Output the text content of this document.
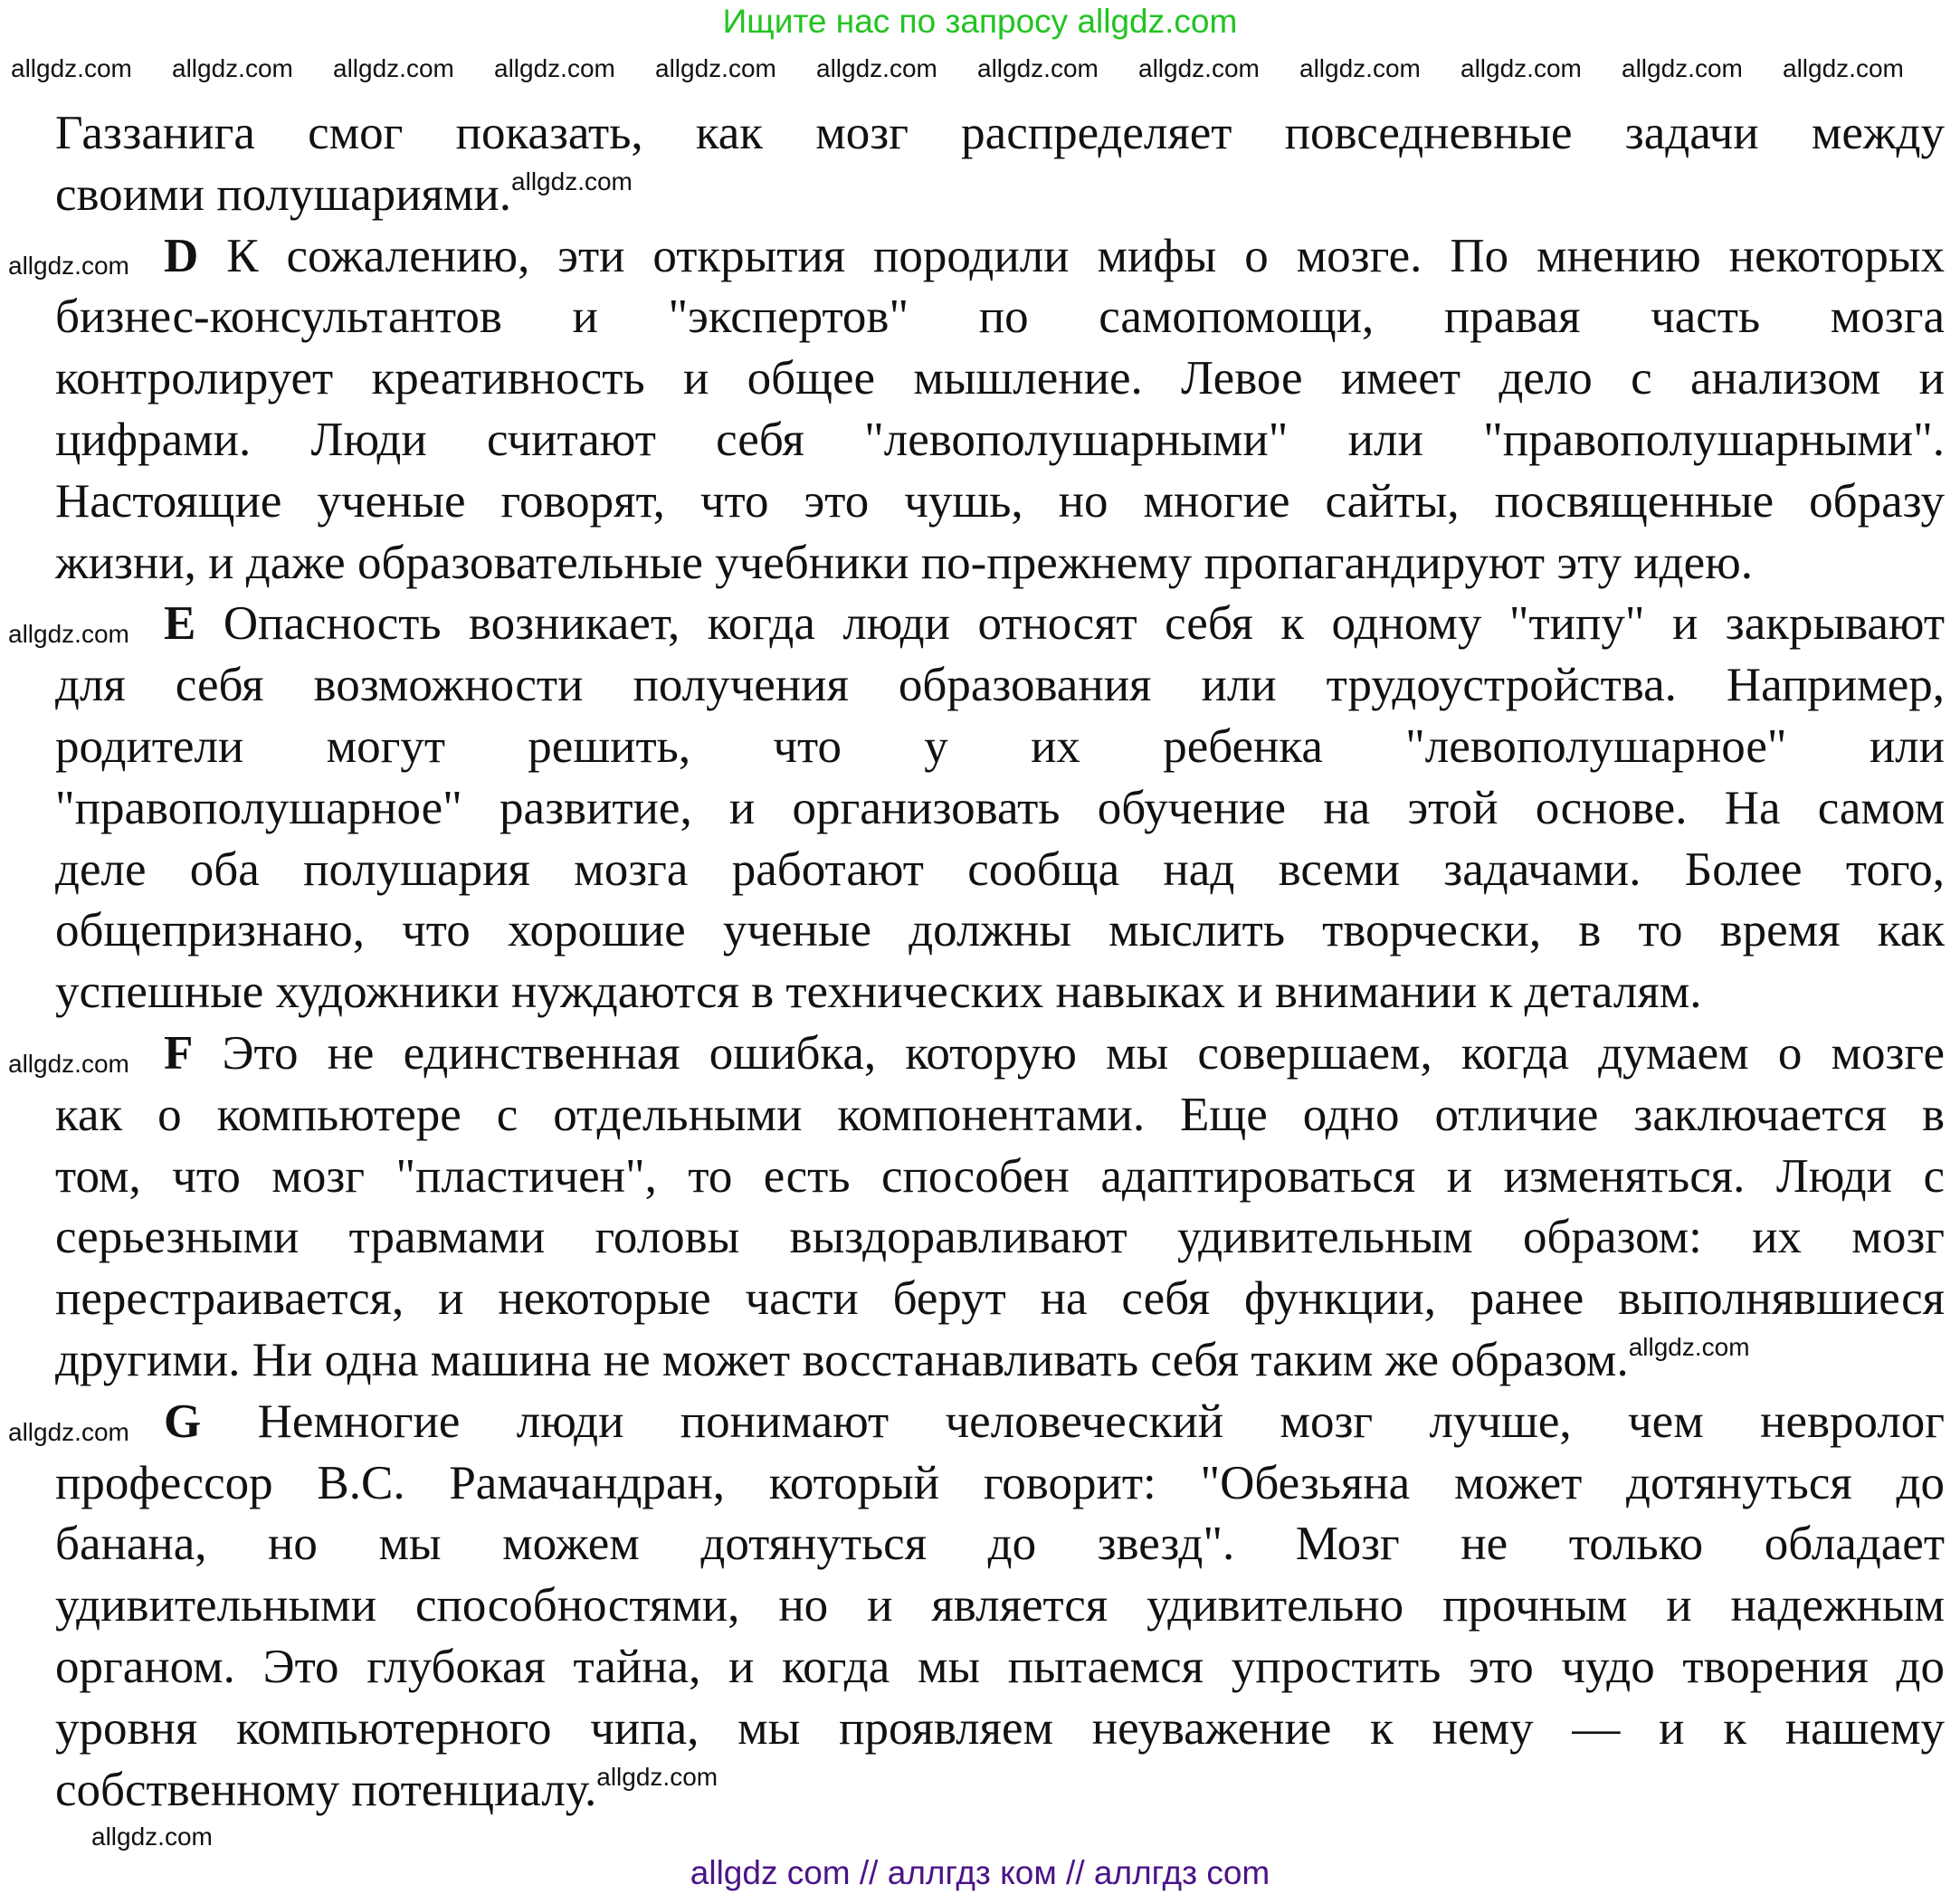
Ищите нас по запросу allgdz.com
allgdz.com allgdz.com allgdz.com allgdz.com allgdz.com allgdz.com allgdz.com allgdz.com allgdz.com allgdz.com allgdz.com allgdz.com
Газзанига смог показать, как мозг распределяет повседневные задачи между
своими полушариями.$^{allgdz.com}$
allgdz.com D К сожалению, эти открытия породили мифы о мозге. По мнению некоторых
бизнес-консультантов и "экспертов" по самопомощи, правая часть мозга
контролирует креативность и общее мышление. Левое имеет дело с анализом и
цифрами. Люди считают себя "левополушарными" или "правополушарными".
Настоящие ученые говорят, что это чушь, но многие сайты, посвященные образу
жизни, и даже образовательные учебники по-прежнему пропагандируют эту идею.
allgdz.com E Опасность возникает, когда люди относят себя к одному "типу" и закрывают
для себя возможности получения образования или трудоустройства. Например,
родители могут решить, что у их ребенка "левополушарное" или
"правополушарное" развитие, и организовать обучение на этой основе. На самом
деле оба полушария мозга работают сообща над всеми задачами. Более того,
общепризнано, что хорошие ученые должны мыслить творчески, в то время как
успешные художники нуждаются в технических навыках и внимании к деталям.
allgdz.com F Это не единственная ошибка, которую мы совершаем, когда думаем о мозге
как о компьютере с отдельными компонентами. Еще одно отличие заключается в
том, что мозг "пластичен", то есть способен адаптироваться и изменяться. Люди с
серьезными травмами головы выздоравливают удивительным образом: их мозг
перестраивается, и некоторые части берут на себя функции, ранее выполнявшиеся
другими. Ни одна машина не может восстанавливать себя таким же образом.$^{allgdz.com}$
allgdz.com G Немногие люди понимают человеческий мозг лучше, чем невролог
профессор В.С. Рамачандран, который говорит: "Обезьяна может дотянуться до
банана, но мы можем дотянуться до звезд". Мозг не только обладает
удивительными способностями, но и является удивительно прочным и надежным
органом. Это глубокая тайна, и когда мы пытаемся упростить это чудо творения до
уровня компьютерного чипа, мы проявляем неуважение к нему — и к нашему
собственному потенциалу.$^{allgdz.com}$
allgdz.com
allgdz com // аллгдз ком // аллгдз com
